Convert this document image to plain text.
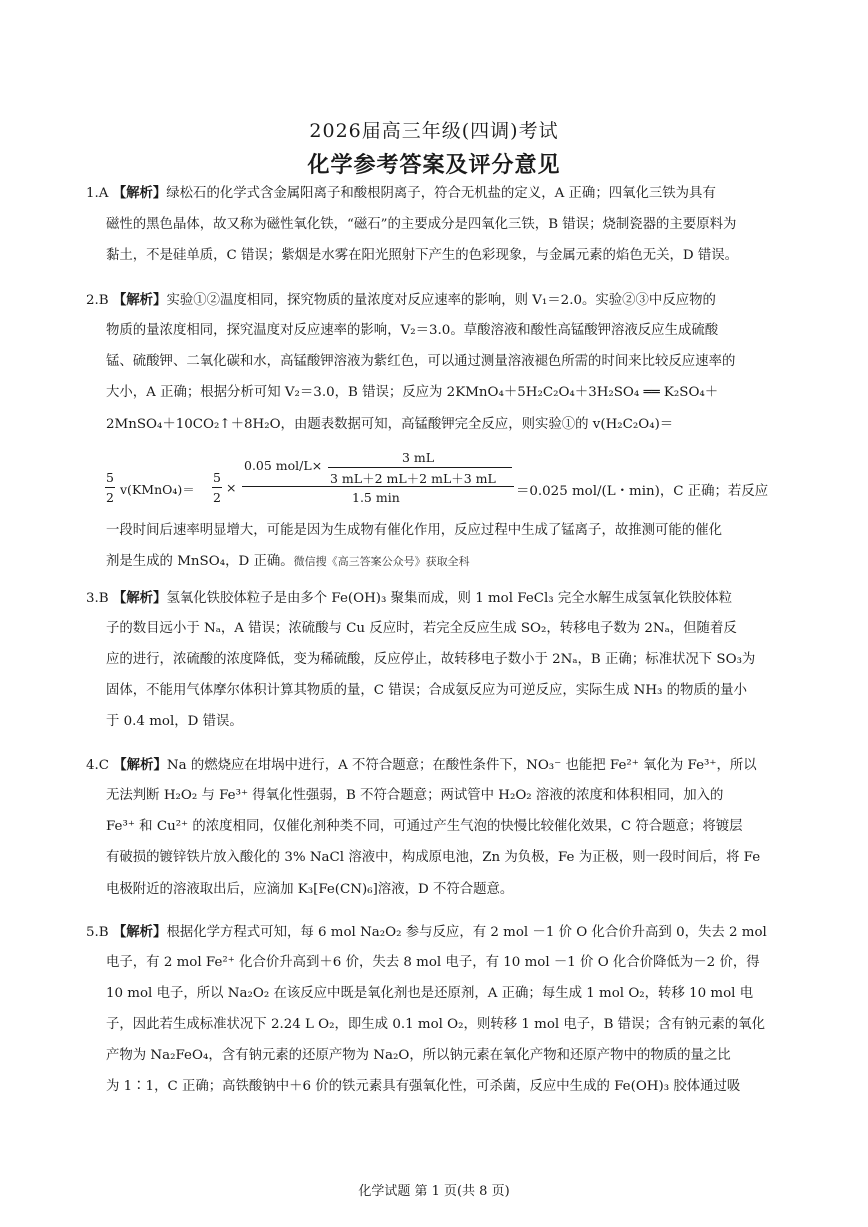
2026届高三年级(四调)考试
化学参考答案及评分意见
1.A 【解析】绿松石的化学式含金属阳离子和酸根阴离子，符合无机盐的定义，A 正确；四氧化三铁为具有
磁性的黑色晶体，故又称为磁性氧化铁，“磁石”的主要成分是四氧化三铁，B 错误；烧制瓷器的主要原料为
黏土，不是硅单质，C 错误；紫烟是水雾在阳光照射下产生的色彩现象，与金属元素的焰色无关，D 错误。
2.B 【解析】实验①②温度相同，探究物质的量浓度对反应速率的影响，则 V₁＝2.0。实验②③中反应物的
物质的量浓度相同，探究温度对反应速率的影响，V₂＝3.0。草酸溶液和酸性高锰酸钾溶液反应生成硫酸
锰、硫酸钾、二氧化碳和水，高锰酸钾溶液为紫红色，可以通过测量溶液褪色所需的时间来比较反应速率的
大小，A 正确；根据分析可知 V₂＝3.0，B 错误；反应为 2KMnO₄＋5H₂C₂O₄＋3H₂SO₄ ══ K₂SO₄＋
2MnSO₄＋10CO₂↑＋8H₂O，由题表数据可知，高锰酸钾完全反应，则实验①的 v(H₂C₂O₄)＝
5
2
v(KMnO₄)＝
5
2
×
0.05 mol/L×
3 mL
3 mL＋2 mL＋2 mL＋3 mL
1.5 min	＝0.025 mol/(L・min)，C 正确；若反应
一段时间后速率明显增大，可能是因为生成物有催化作用，反应过程中生成了锰离子，故推测可能的催化
剂是生成的 MnSO₄，D 正确。微信搜《高三答案公众号》获取全科
3.B 【解析】氢氧化铁胶体粒子是由多个 Fe(OH)₃ 聚集而成，则 1 mol FeCl₃ 完全水解生成氢氧化铁胶体粒
子的数目远小于 Nₐ，A 错误；浓硫酸与 Cu 反应时，若完全反应生成 SO₂，转移电子数为 2Nₐ，但随着反
应的进行，浓硫酸的浓度降低，变为稀硫酸，反应停止，故转移电子数小于 2Nₐ，B 正确；标准状况下 SO₃为
固体，不能用气体摩尔体积计算其物质的量，C 错误；合成氨反应为可逆反应，实际生成 NH₃ 的物质的量小
于 0.4 mol，D 错误。
4.C 【解析】Na 的燃烧应在坩埚中进行，A 不符合题意；在酸性条件下，NO₃⁻ 也能把 Fe²⁺ 氧化为 Fe³⁺，所以
无法判断 H₂O₂ 与 Fe³⁺ 得氧化性强弱，B 不符合题意；两试管中 H₂O₂ 溶液的浓度和体积相同，加入的
Fe³⁺ 和 Cu²⁺ 的浓度相同，仅催化剂种类不同，可通过产生气泡的快慢比较催化效果，C 符合题意；将镀层
有破损的镀锌铁片放入酸化的 3% NaCl 溶液中，构成原电池，Zn 为负极，Fe 为正极，则一段时间后，将 Fe
电极附近的溶液取出后，应滴加 K₃[Fe(CN)₆]溶液，D 不符合题意。
5.B 【解析】根据化学方程式可知，每 6 mol Na₂O₂ 参与反应，有 2 mol －1 价 O 化合价升高到 0，失去 2 mol
电子，有 2 mol Fe²⁺ 化合价升高到＋6 价，失去 8 mol 电子，有 10 mol －1 价 O 化合价降低为－2 价，得
10 mol 电子，所以 Na₂O₂ 在该反应中既是氧化剂也是还原剂，A 正确；每生成 1 mol O₂，转移 10 mol 电
子，因此若生成标准状况下 2.24 L O₂，即生成 0.1 mol O₂，则转移 1 mol 电子，B 错误；含有钠元素的氧化
产物为 Na₂FeO₄，含有钠元素的还原产物为 Na₂O，所以钠元素在氧化产物和还原产物中的物质的量之比
为 1∶1，C 正确；高铁酸钠中＋6 价的铁元素具有强氧化性，可杀菌，反应中生成的 Fe(OH)₃ 胶体通过吸
化学试题 第 1 页(共 8 页)
